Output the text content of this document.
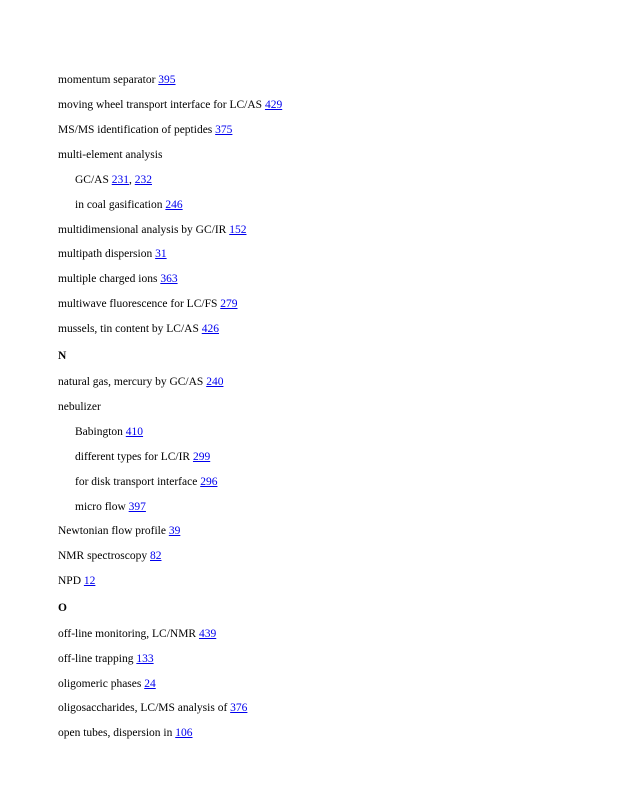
momentum separator 395
moving wheel transport interface for LC/AS 429
MS/MS identification of peptides 375
multi-element analysis
GC/AS 231, 232
in coal gasification 246
multidimensional analysis by GC/IR 152
multipath dispersion 31
multiple charged ions 363
multiwave fluorescence for LC/FS 279
mussels, tin content by LC/AS 426
N
natural gas, mercury by GC/AS 240
nebulizer
Babington 410
different types for LC/IR 299
for disk transport interface 296
micro flow 397
Newtonian flow profile 39
NMR spectroscopy 82
NPD 12
O
off-line monitoring, LC/NMR 439
off-line trapping 133
oligomeric phases 24
oligosaccharides, LC/MS analysis of 376
open tubes, dispersion in 106
